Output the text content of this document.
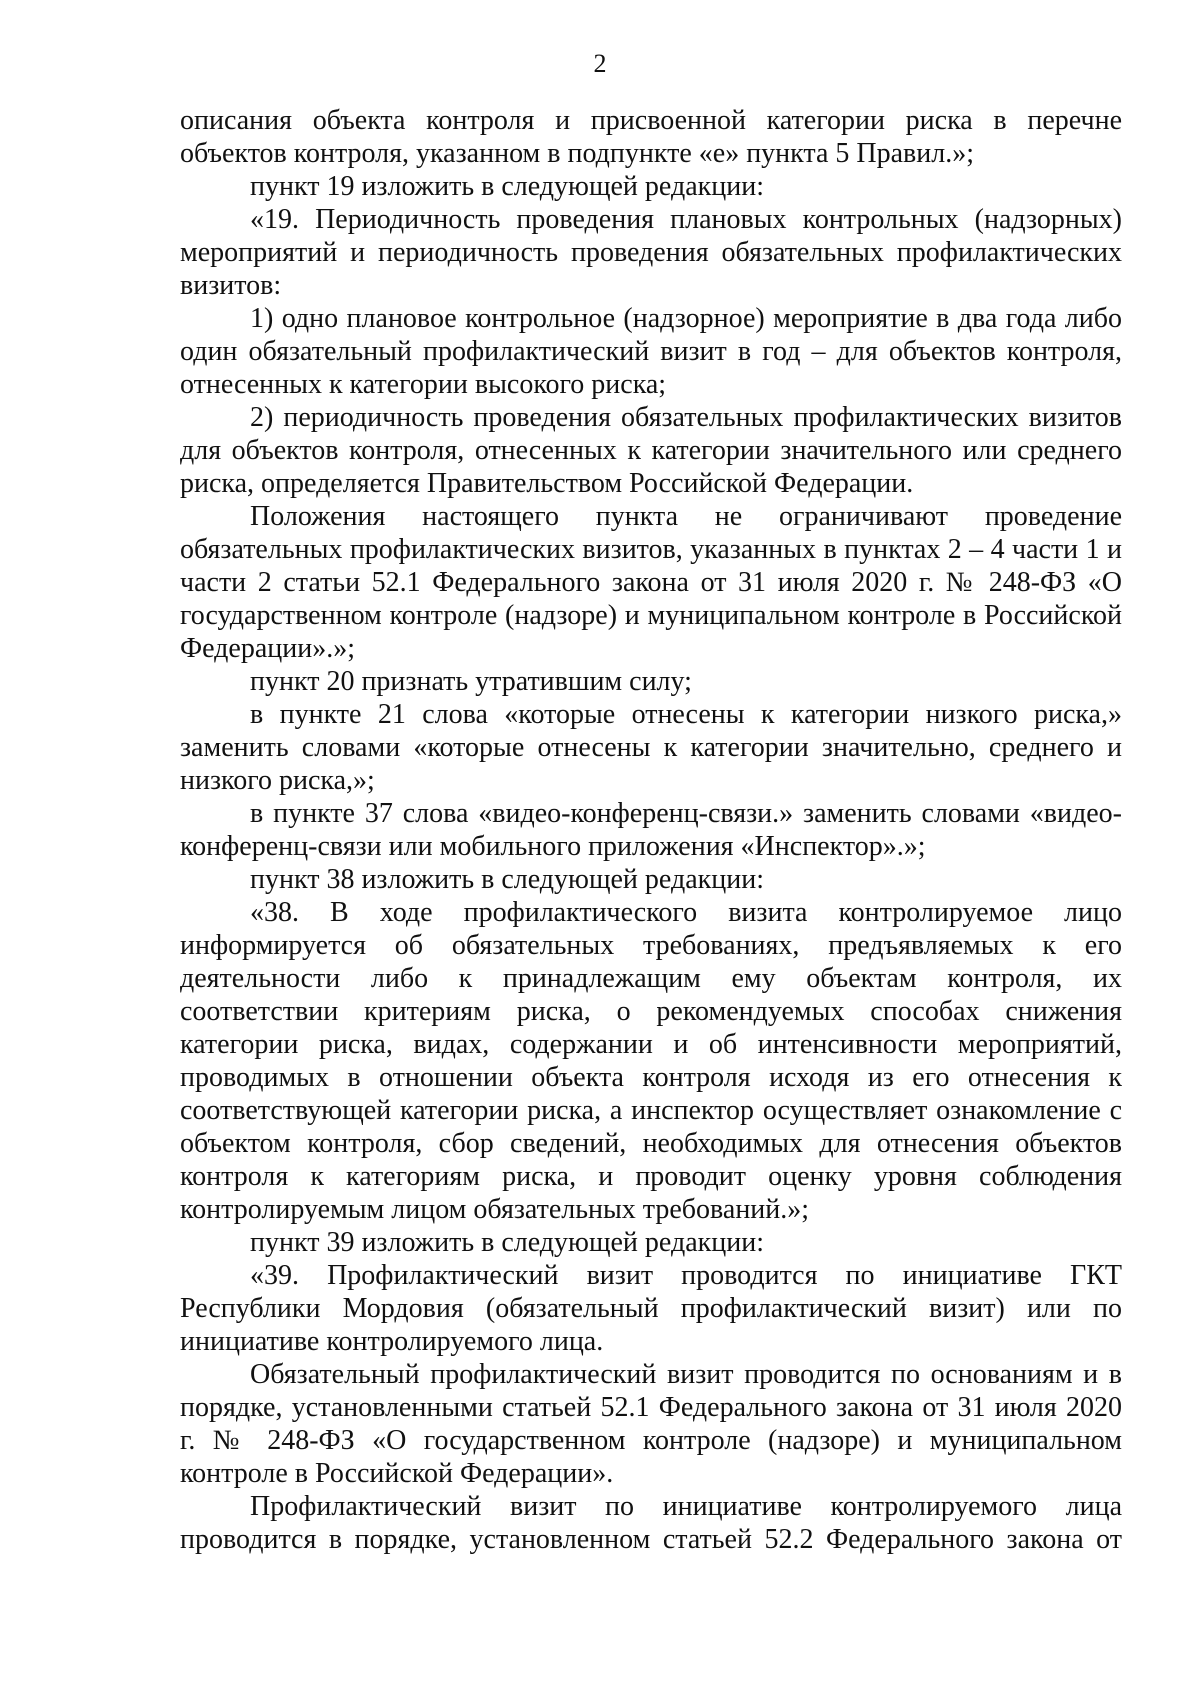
2

описания объекта контроля и присвоенной категории риска в перечне объектов контроля, указанном в подпункте «е» пункта 5 Правил.»;

пункт 19 изложить в следующей редакции:

«19. Периодичность проведения плановых контрольных (надзорных) мероприятий и периодичность проведения обязательных профилактических визитов:

1) одно плановое контрольное (надзорное) мероприятие в два года либо один обязательный профилактический визит в год – для объектов контроля, отнесенных к категории высокого риска;

2) периодичность проведения обязательных профилактических визитов для объектов контроля, отнесенных к категории значительного или среднего риска, определяется Правительством Российской Федерации.

Положения настоящего пункта не ограничивают проведение обязательных профилактических визитов, указанных в пунктах 2 – 4 части 1 и части 2 статьи 52.1 Федерального закона от 31 июля 2020 г. № 248-ФЗ «О государственном контроле (надзоре) и муниципальном контроле в Российской Федерации».»;

пункт 20 признать утратившим силу;

в пункте 21 слова «которые отнесены к категории низкого риска,» заменить словами «которые отнесены к категории значительно, среднего и низкого риска,»;

в пункте 37 слова «видео-конференц-связи.» заменить словами «видео-конференц-связи или мобильного приложения «Инспектор».»;

пункт 38 изложить в следующей редакции:

«38. В ходе профилактического визита контролируемое лицо информируется об обязательных требованиях, предъявляемых к его деятельности либо к принадлежащим ему объектам контроля, их соответствии критериям риска, о рекомендуемых способах снижения категории риска, видах, содержании и об интенсивности мероприятий, проводимых в отношении объекта контроля исходя из его отнесения к соответствующей категории риска, а инспектор осуществляет ознакомление с объектом контроля, сбор сведений, необходимых для отнесения объектов контроля к категориям риска, и проводит оценку уровня соблюдения контролируемым лицом обязательных требований.»;

пункт 39 изложить в следующей редакции:

«39. Профилактический визит проводится по инициативе ГКТ Республики Мордовия (обязательный профилактический визит) или по инициативе контролируемого лица.

Обязательный профилактический визит проводится по основаниям и в порядке, установленными статьей 52.1 Федерального закона от 31 июля 2020 г. № 248-ФЗ «О государственном контроле (надзоре) и муниципальном контроле в Российской Федерации».

Профилактический визит по инициативе контролируемого лица проводится в порядке, установленном статьей 52.2 Федерального закона от
